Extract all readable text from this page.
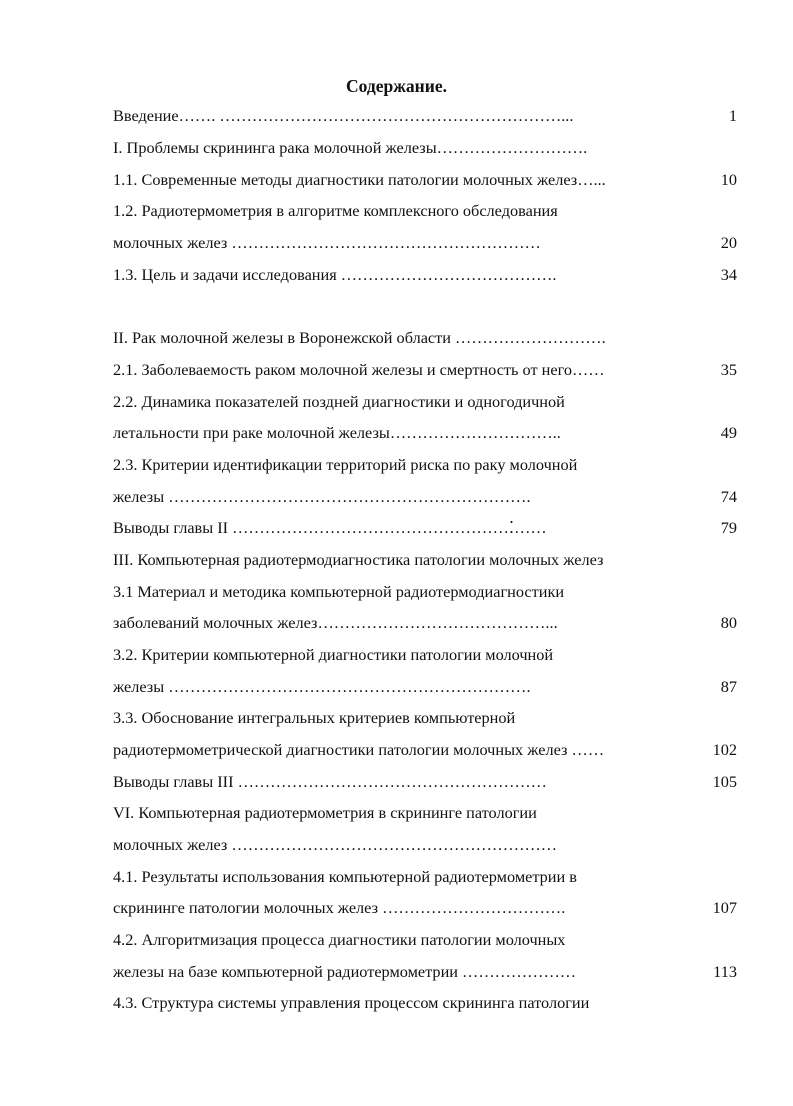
Содержание.
Введение……. ………………………………………………………...	1
I. Проблемы скрининга рака молочной железы……………………….
1.1. Современные методы диагностики патологии молочных желез…...	10
1.2. Радиотермометрия в алгоритме комплексного обследования
молочных желез …………………………………………………	20
1.3. Цель и задачи исследования ………………………………….	34
II. Рак молочной железы в Воронежской области ……………………….
2.1. Заболеваемость раком молочной железы и смертность от него……	35
2.2. Динамика показателей поздней диагностики и одногодичной
летальности при раке молочной железы…………………………..	49
2.3. Критерии идентификации территорий риска по раку молочной
железы ………………………………………………………….	74
Выводы главы II ……………………………………………⁚……	79
III. Компьютерная радиотермодиагностика патологии молочных желез
3.1 Материал и методика компьютерной радиотермодиагностики
заболеваний молочных желез……………………………………...	80
3.2. Критерии компьютерной диагностики патологии молочной
железы ………………………………………………………….	87
3.3. Обоснование интегральных критериев компьютерной
радиотермометрической диагностики патологии молочных желез ……	102
Выводы главы III …………………………………………………	105
VI. Компьютерная радиотермометрия в скрининге патологии
молочных желез ……………………………………………………
4.1. Результаты использования компьютерной радиотермометрии в
скрининге патологии молочных желез …………………………….	107
4.2. Алгоритмизация процесса диагностики патологии молочных
железы на базе компьютерной радиотермометрии …………………	113
4.3. Структура системы управления процессом скрининга патологии
